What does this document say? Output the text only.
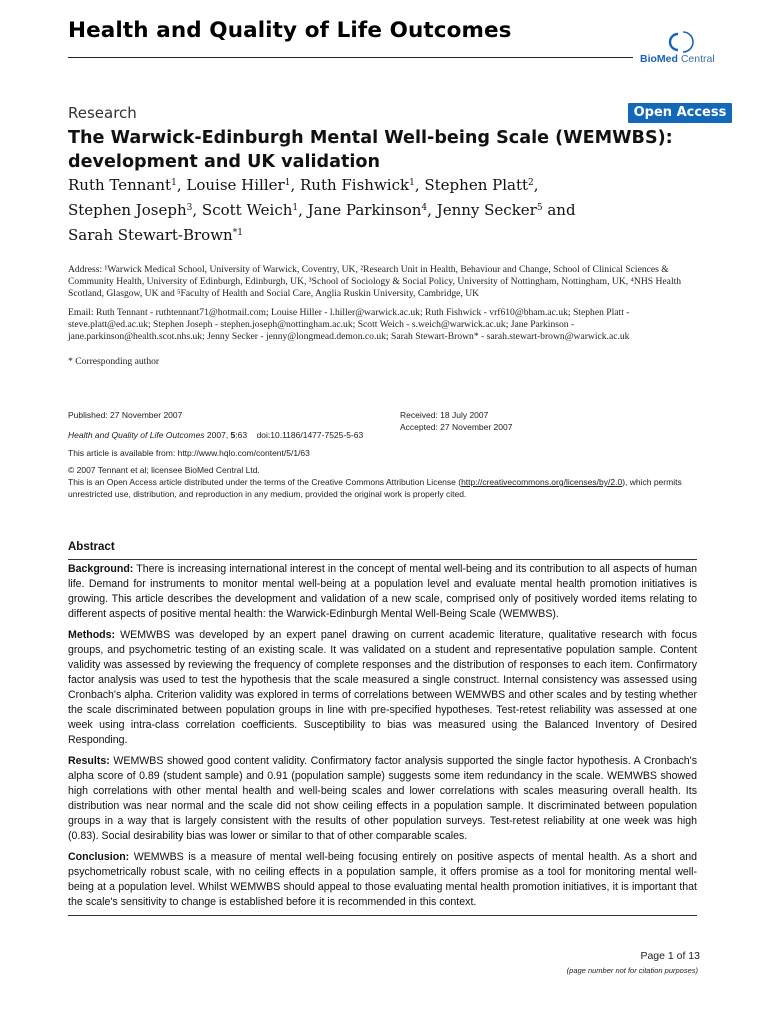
Health and Quality of Life Outcomes
BioMed Central
Research	Open Access
The Warwick-Edinburgh Mental Well-being Scale (WEMWBS): development and UK validation
Ruth Tennant$^1$, Louise Hiller$^1$, Ruth Fishwick$^1$, Stephen Platt$^2$,
Stephen Joseph$^3$, Scott Weich$^1$, Jane Parkinson$^4$, Jenny Secker$^5$ and
Sarah Stewart-Brown$^{*1}$
Address: ¹Warwick Medical School, University of Warwick, Coventry, UK, ²Research Unit in Health, Behaviour and Change, School of Clinical Sciences & Community Health, University of Edinburgh, Edinburgh, UK, ³School of Sociology & Social Policy, University of Nottingham, Nottingham, UK, ⁴NHS Health Scotland, Glasgow, UK and ⁵Faculty of Health and Social Care, Anglia Ruskin University, Cambridge, UK
Email: Ruth Tennant - ruthtennant71@hotmail.com; Louise Hiller - l.hiller@warwick.ac.uk; Ruth Fishwick - vrf610@bham.ac.uk; Stephen Platt - steve.platt@ed.ac.uk; Stephen Joseph - stephen.joseph@nottingham.ac.uk; Scott Weich - s.weich@warwick.ac.uk; Jane Parkinson - jane.parkinson@health.scot.nhs.uk; Jenny Secker - jenny@longmead.demon.co.uk; Sarah Stewart-Brown* - sarah.stewart-brown@warwick.ac.uk
* Corresponding author
Published: 27 November 2007	Received: 18 July 2007
Accepted: 27 November 2007
Health and Quality of Life Outcomes 2007, 5:63 doi:10.1186/1477-7525-5-63
This article is available from: http://www.hqlo.com/content/5/1/63
© 2007 Tennant et al; licensee BioMed Central Ltd.
This is an Open Access article distributed under the terms of the Creative Commons Attribution License (http://creativecommons.org/licenses/by/2.0), which permits unrestricted use, distribution, and reproduction in any medium, provided the original work is properly cited.
Abstract

Background: There is increasing international interest in the concept of mental well-being and its contribution to all aspects of human life. Demand for instruments to monitor mental well-being at a population level and evaluate mental health promotion initiatives is growing. This article describes the development and validation of a new scale, comprised only of positively worded items relating to different aspects of positive mental health: the Warwick-Edinburgh Mental Well-Being Scale (WEMWBS).

Methods: WEMWBS was developed by an expert panel drawing on current academic literature, qualitative research with focus groups, and psychometric testing of an existing scale. It was validated on a student and representative population sample. Content validity was assessed by reviewing the frequency of complete responses and the distribution of responses to each item. Confirmatory factor analysis was used to test the hypothesis that the scale measured a single construct. Internal consistency was assessed using Cronbach's alpha. Criterion validity was explored in terms of correlations between WEMWBS and other scales and by testing whether the scale discriminated between population groups in line with pre-specified hypotheses. Test-retest reliability was assessed at one week using intra-class correlation coefficients. Susceptibility to bias was measured using the Balanced Inventory of Desired Responding.

Results: WEMWBS showed good content validity. Confirmatory factor analysis supported the single factor hypothesis. A Cronbach's alpha score of 0.89 (student sample) and 0.91 (population sample) suggests some item redundancy in the scale. WEMWBS showed high correlations with other mental health and well-being scales and lower correlations with scales measuring overall health. Its distribution was near normal and the scale did not show ceiling effects in a population sample. It discriminated between population groups in a way that is largely consistent with the results of other population surveys. Test-retest reliability at one week was high (0.83). Social desirability bias was lower or similar to that of other comparable scales.

Conclusion: WEMWBS is a measure of mental well-being focusing entirely on positive aspects of mental health. As a short and psychometrically robust scale, with no ceiling effects in a population sample, it offers promise as a tool for monitoring mental well-being at a population level. Whilst WEMWBS should appeal to those evaluating mental health promotion initiatives, it is important that the scale's sensitivity to change is established before it is recommended in this context.

Page 1 of 13
(page number not for citation purposes)
